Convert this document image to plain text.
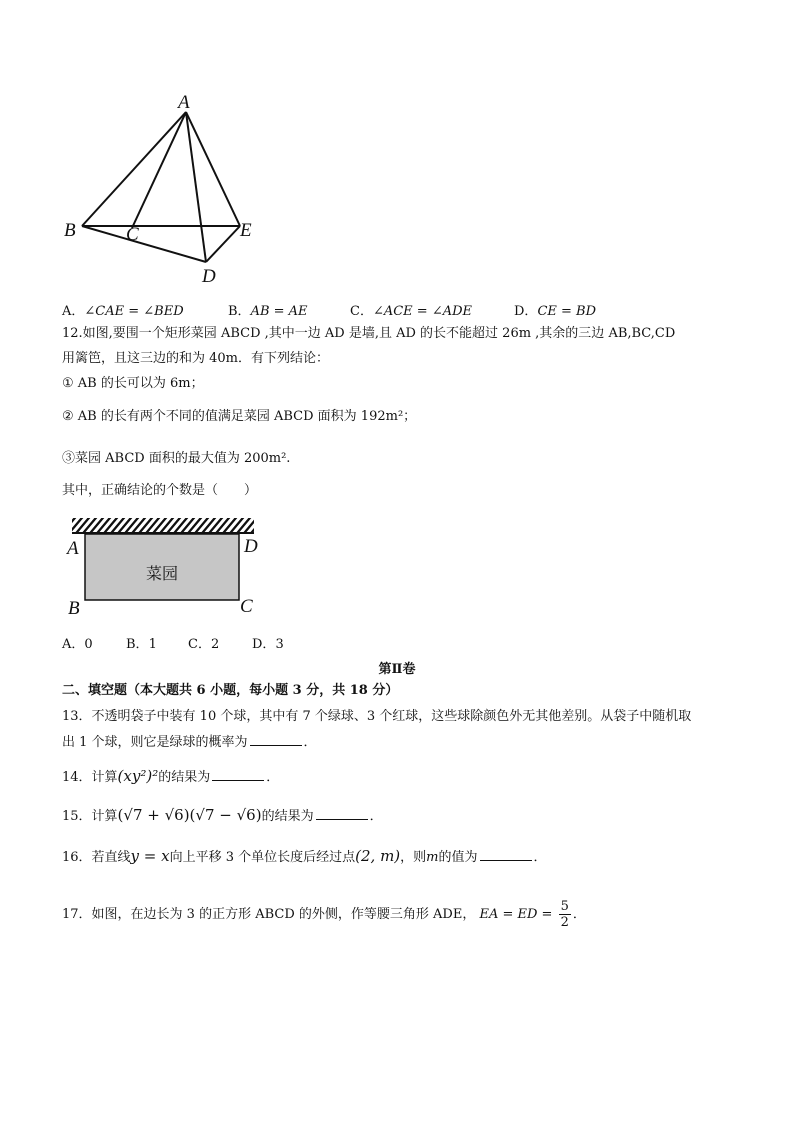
A
B	C
D
E
A．∠CAE = ∠BED	B．AB = AE	C．∠ACE = ∠ADE	D．CE = BD
12.如图,要围一个矩形菜园 ABCD ,其中一边 AD 是墙,且 AD 的长不能超过 26m ,其余的三边 AB,BC,CD
用篱笆，且这三边的和为 40m．有下列结论：
① AB 的长可以为 6m；
② AB 的长有两个不同的值满足菜园 ABCD 面积为 192m²；
③菜园 ABCD 面积的最大值为 200m².
其中，正确结论的个数是（　　）
菜园
A	D
B	C
A．0	B．1 C．2	D．3
第Ⅱ卷
二、填空题（本大题共 6 小题，每小题 3 分，共 18 分）
13．不透明袋子中装有 10 个球，其中有 7 个绿球、3 个红球，这些球除颜色外无其他差别。从袋子中随机取
出 1 个球，则它是绿球的概率为	．
14．计算(xy²)²的结果为	．
15．计算(√7 + √6)(√7 − √6)的结果为	．
16．若直线y = x向上平移 3 个单位长度后经过点(2, m)，则m的值为	．
17．如图，在边长为 3 的正方形 ABCD 的外侧，作等腰三角形 ADE， EA = ED = $\frac{5}{2}$ ．
